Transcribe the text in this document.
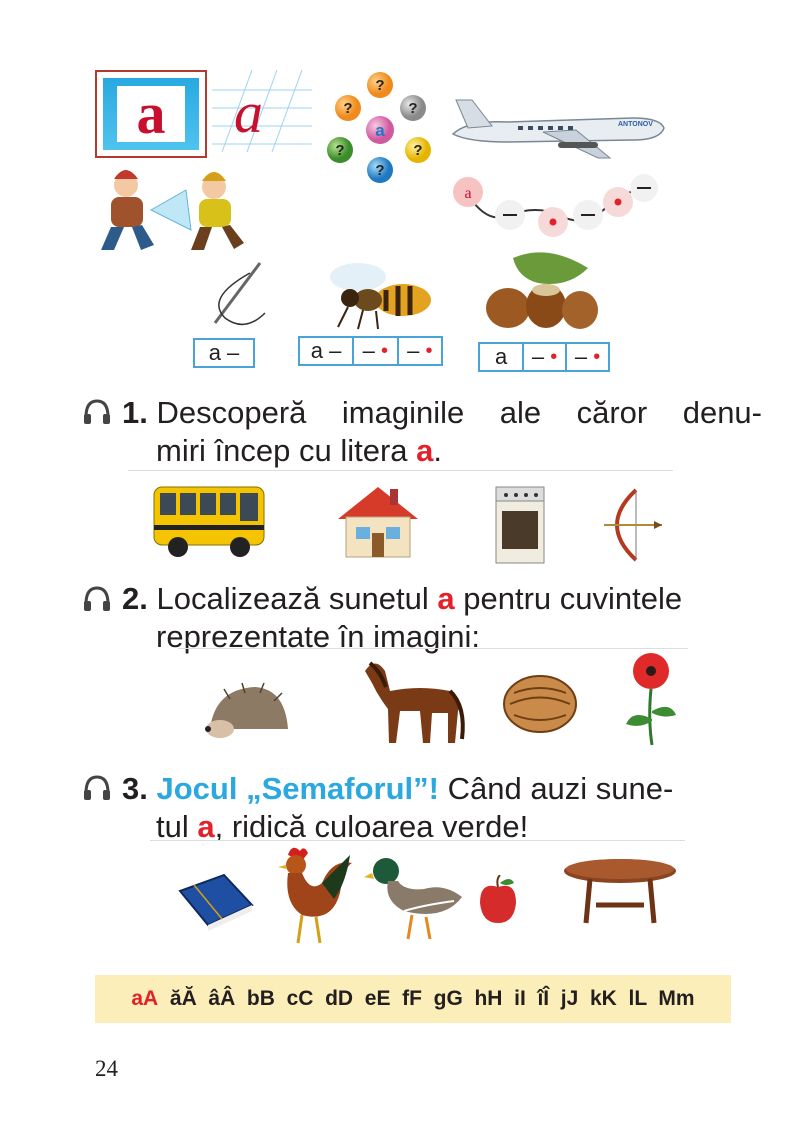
a a	?
?	?
?	?
?
a	ANTONOV
a
a –	a – – • – •	a	– • – •
1. Descoperă imaginile ale căror denu-
miri încep cu litera a.
2. Localizează sunetul a pentru cuvintele
reprezentate în imagini:
3. Jocul „Semaforul”! Când auzi sune-
tul a, ridică culoarea verde!
aA
ăĂ  âÂ  bB  cC  dD  eE  fF  gG  hH  iI  îÎ  jJ  kK  lL  Mm
24
